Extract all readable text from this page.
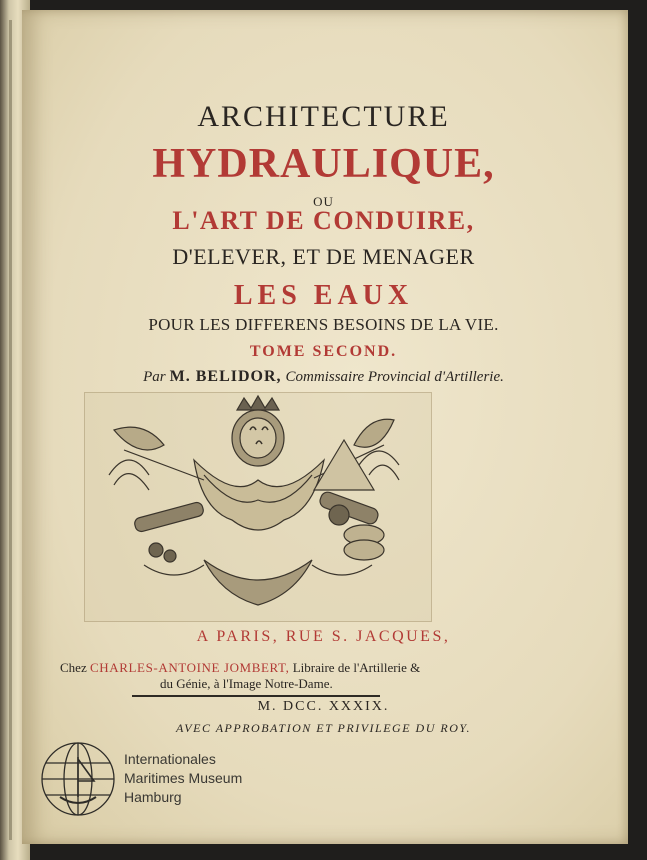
ARCHITECTURE
HYDRAULIQUE,
OU
L'ART DE CONDUIRE,
D'ELEVER, ET DE MENAGER
LES EAUX
POUR LES DIFFERENS BESOINS DE LA VIE.
TOME SECOND.
Par M. BELIDOR, Commissaire Provincial d'Artillerie.
A PARIS, RUE S. JACQUES,
Chez CHARLES-ANTOINE JOMBERT, Libraire de l'Artillerie &
du Génie, à l'Image Notre-Dame.
M. DCC. XXXIX.
AVEC APPROBATION ET PRIVILEGE DU ROY.
Internationales
Maritimes Museum
Hamburg
